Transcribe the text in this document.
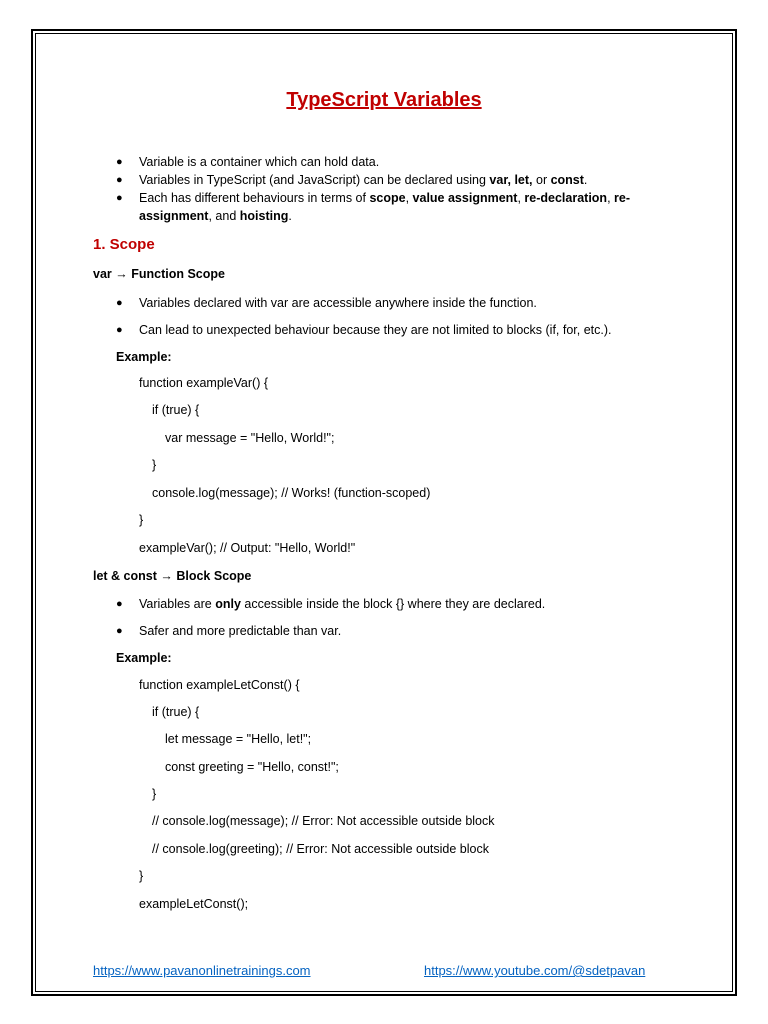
TypeScript Variables
● Variable is a container which can hold data.
● Variables in TypeScript (and JavaScript) can be declared using var, let, or const.
● Each has different behaviours in terms of scope, value assignment, re-declaration, re-
assignment, and hoisting.
1. Scope
var → Function Scope
● Variables declared with var are accessible anywhere inside the function.
● Can lead to unexpected behaviour because they are not limited to blocks (if, for, etc.).
Example:
function exampleVar() {
if (true) {
var message = "Hello, World!";
}
console.log(message); // Works! (function-scoped)
}
exampleVar(); // Output: "Hello, World!"
let & const → Block Scope
● Variables are only accessible inside the block {} where they are declared.
● Safer and more predictable than var.
Example:
function exampleLetConst() {
if (true) {
let message = "Hello, let!";
const greeting = "Hello, const!";
}
// console.log(message); // Error: Not accessible outside block
// console.log(greeting); // Error: Not accessible outside block
}
exampleLetConst();
https://www.pavanonlinetrainings.com	https://www.youtube.com/@sdetpavan
